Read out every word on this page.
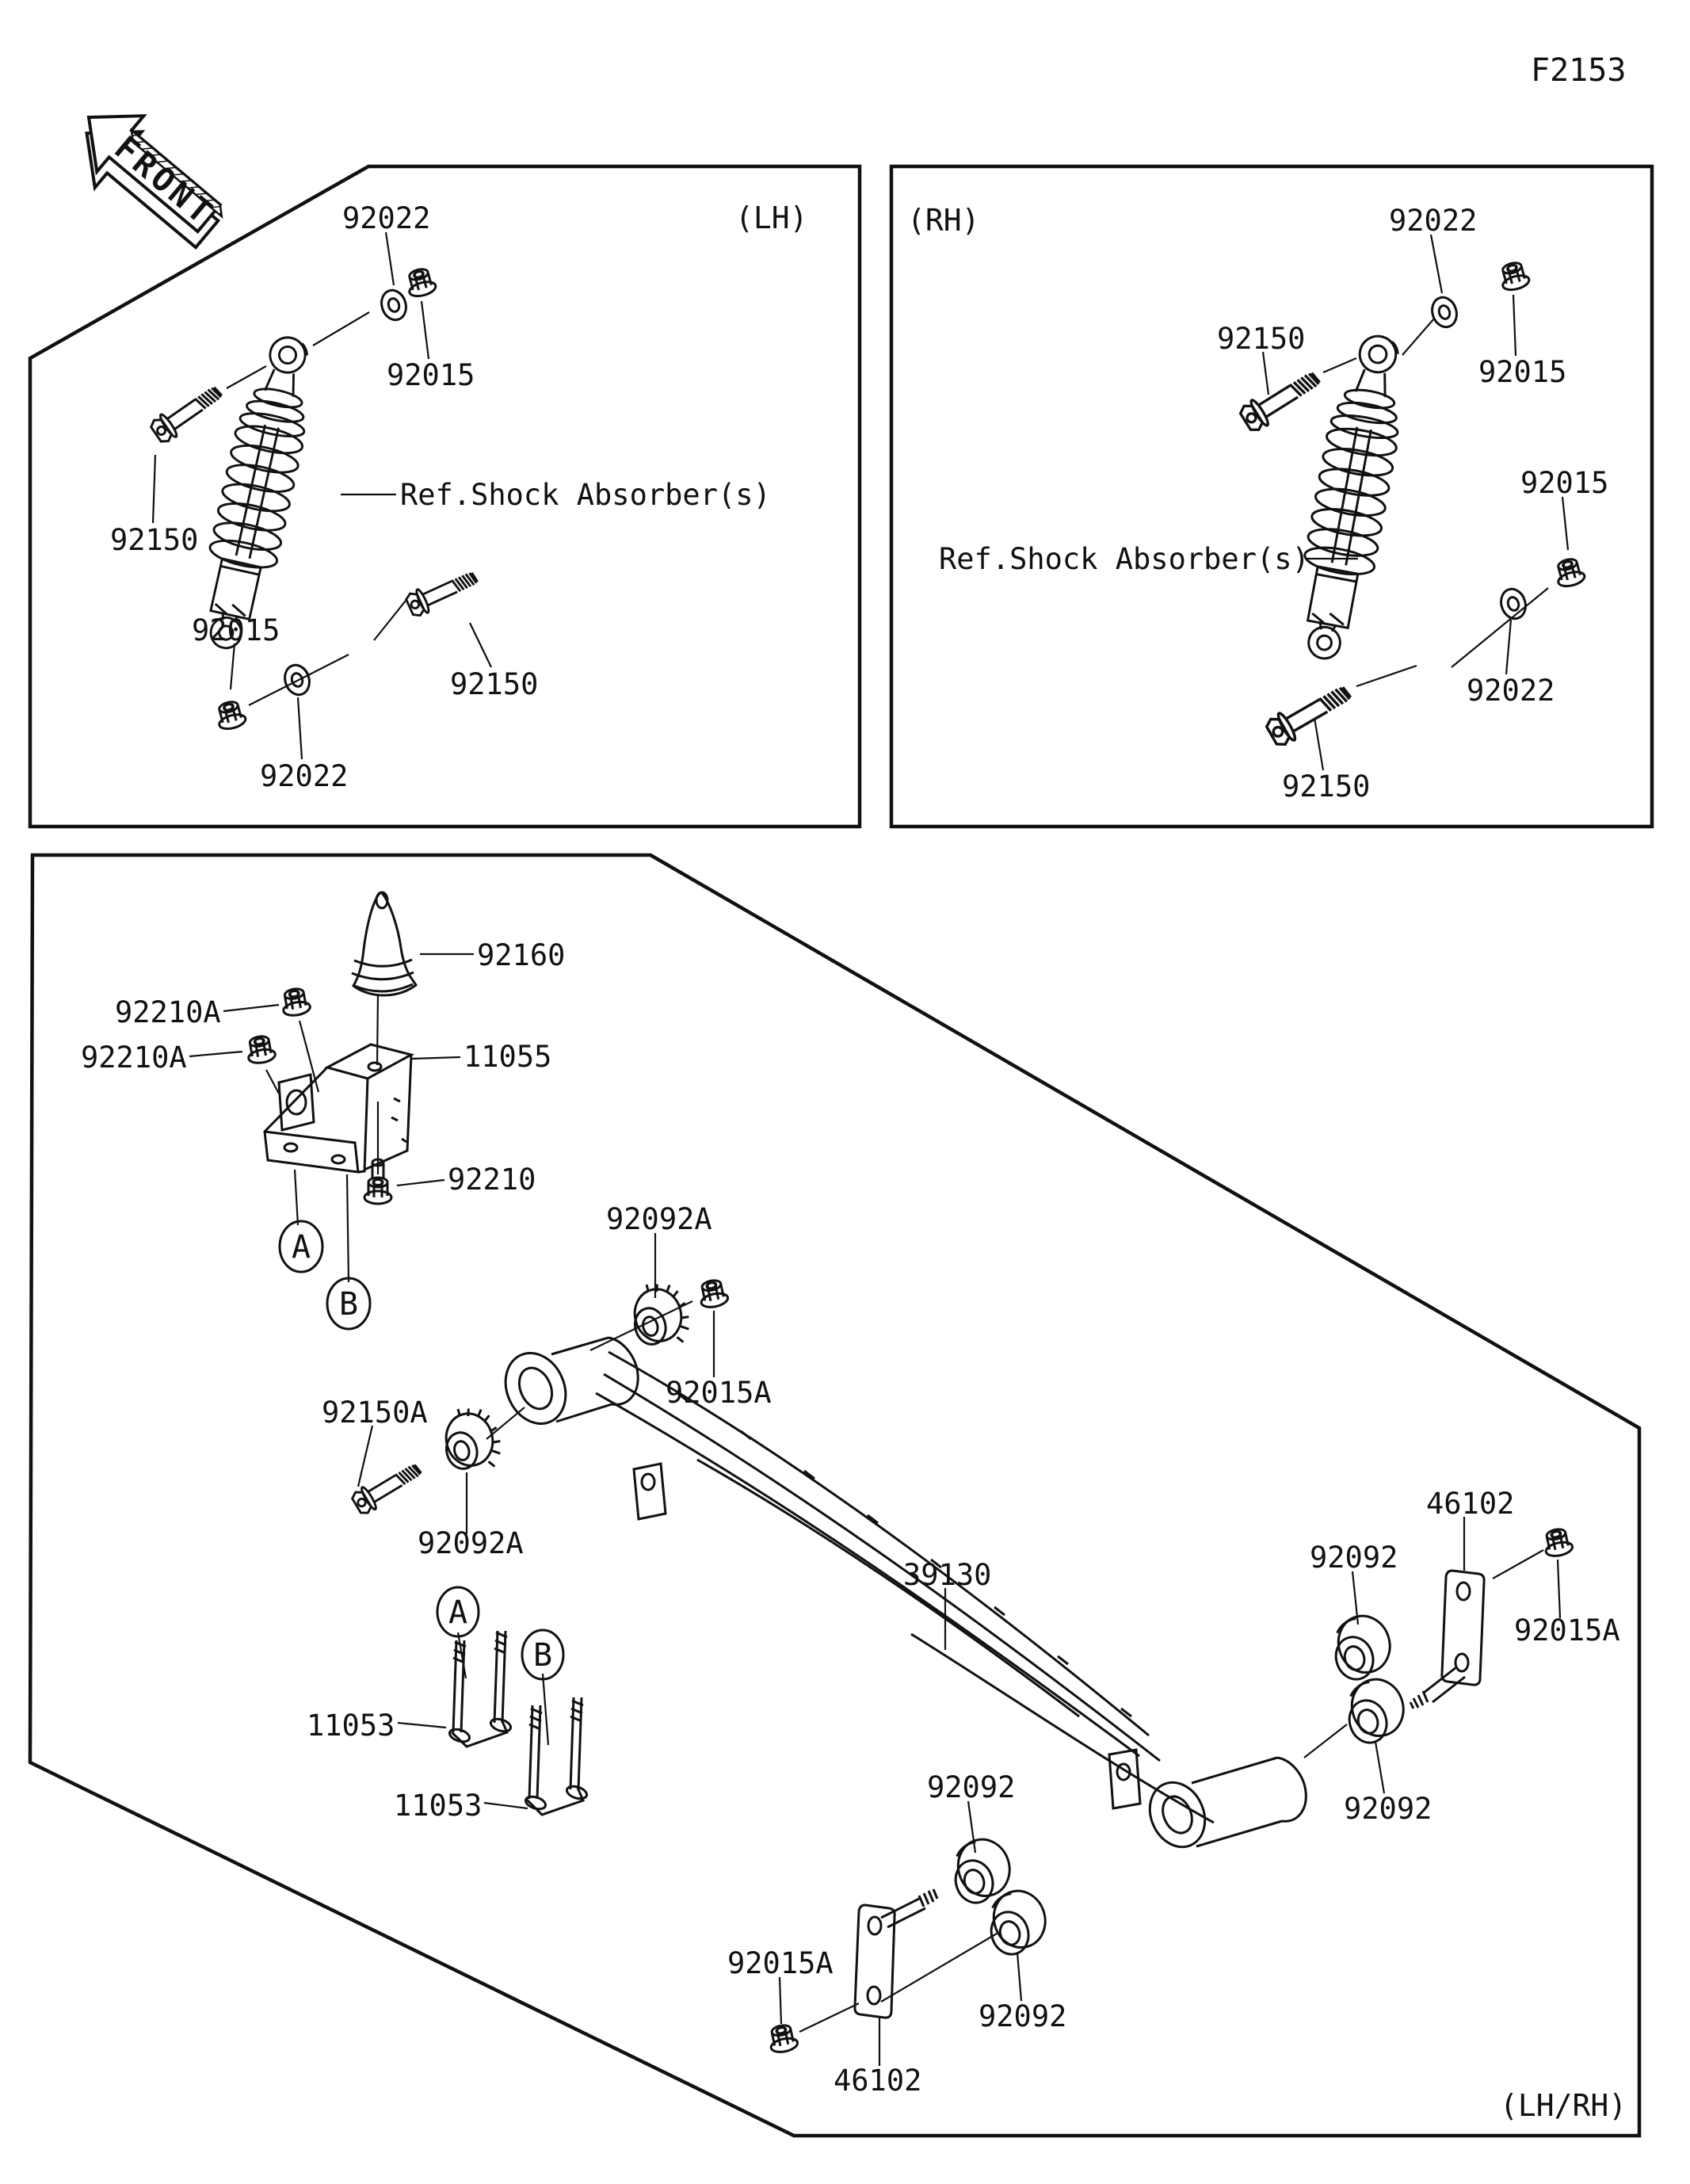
FRONT
F2153
(LH)	(RH)
(LH/RH)
92022
92015
92150
Ref.Shock Absorber(s)
92015
92150
92022
92022
92015
92150
92015
Ref.Shock Absorber(s)
92022
92150
92160
92210A
92210A	11055
92210
92092A
92015A
92150A
92092A
39130
11053
11053
46102
92092
92015A
92092
92092
92092
92015A
46102
A
B
A
B
